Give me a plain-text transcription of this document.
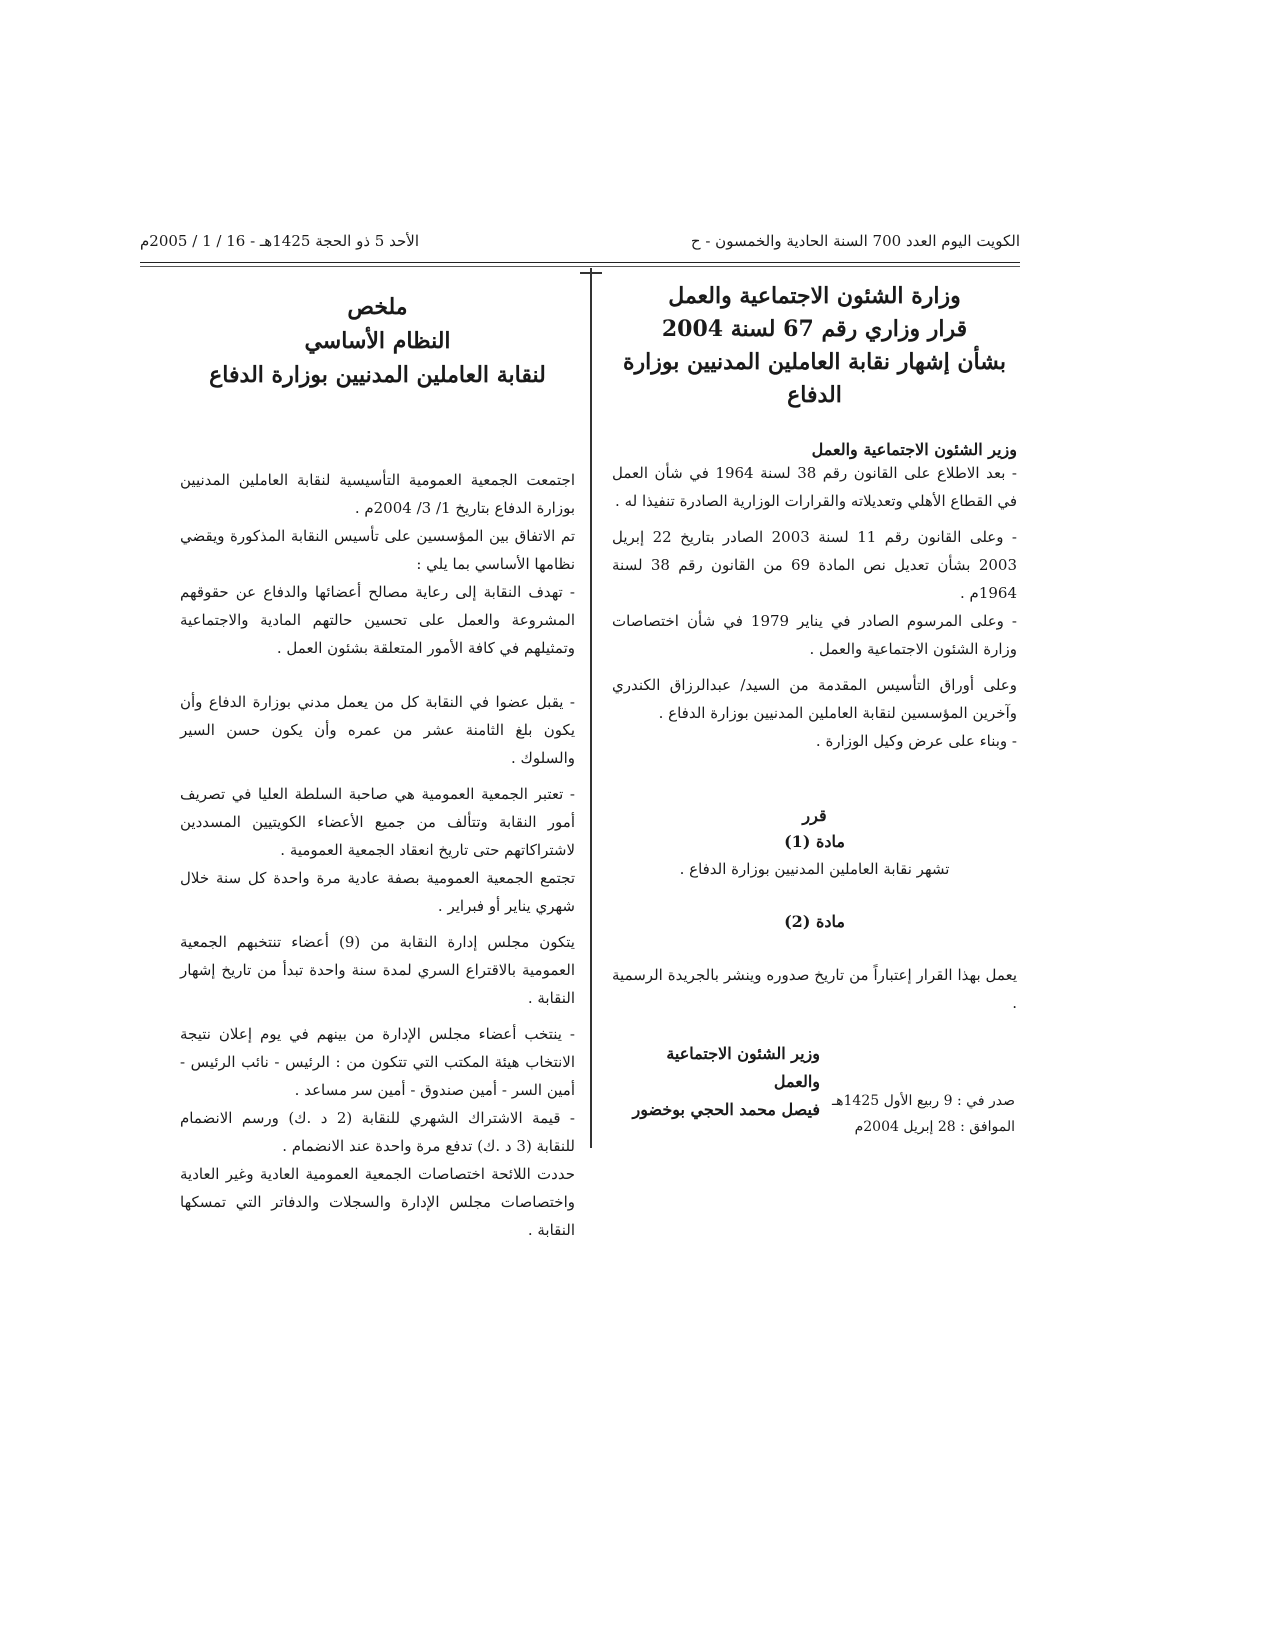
الكويت اليوم العدد 700 السنة الحادية والخمسون - ح
الأحد 5 ذو الحجة 1425هـ - 16 / 1 / 2005م
وزارة الشئون الاجتماعية والعمل
قرار وزاري رقم 67 لسنة 2004
بشأن إشهار نقابة العاملين المدنيين بوزارة الدفاع
وزير الشئون الاجتماعية والعمل

- بعد الاطلاع على القانون رقم 38 لسنة 1964 في شأن العمل في القطاع الأهلي وتعديلاته والقرارات الوزارية الصادرة تنفيذا له .

- وعلى القانون رقم 11 لسنة 2003 الصادر بتاريخ 22 إبريل 2003 بشأن تعديل نص المادة 69 من القانون رقم 38 لسنة 1964م .

- وعلى المرسوم الصادر في يناير 1979 في شأن اختصاصات وزارة الشئون الاجتماعية والعمل .

وعلى أوراق التأسيس المقدمة من السيد/ عبدالرزاق الكندري وآخرين المؤسسين لنقابة العاملين المدنيين بوزارة الدفاع .

- وبناء على عرض وكيل الوزارة .

قرر
مادة (1)

تشهر نقابة العاملين المدنيين بوزارة الدفاع .

مادة (2)

يعمل بهذا القرار إعتباراً من تاريخ صدوره وينشر بالجريدة الرسمية .

وزير الشئون الاجتماعية والعمل
فيصل محمد الحجي بوخضور صدر في : 9 ربيع الأول 1425هـ
الموافق : 28 إبريل 2004م
ملخص
النظام الأساسي
لنقابة العاملين المدنيين بوزارة الدفاع

اجتمعت الجمعية العمومية التأسيسية لنقابة العاملين المدنيين بوزارة الدفاع بتاريخ 1/ 3/ 2004م .

تم الاتفاق بين المؤسسين على تأسيس النقابة المذكورة ويقضي نظامها الأساسي بما يلي :

- تهدف النقابة إلى رعاية مصالح أعضائها والدفاع عن حقوقهم المشروعة والعمل على تحسين حالتهم المادية والاجتماعية وتمثيلهم في كافة الأمور المتعلقة بشئون العمل .

- يقبل عضوا في النقابة كل من يعمل مدني بوزارة الدفاع وأن يكون بلغ الثامنة عشر من عمره وأن يكون حسن السير والسلوك .

- تعتبر الجمعية العمومية هي صاحبة السلطة العليا في تصريف أمور النقابة وتتألف من جميع الأعضاء الكويتيين المسددين لاشتراكاتهم حتى تاريخ انعقاد الجمعية العمومية .

تجتمع الجمعية العمومية بصفة عادية مرة واحدة كل سنة خلال شهري يناير أو فبراير .

يتكون مجلس إدارة النقابة من (9) أعضاء تنتخبهم الجمعية العمومية بالاقتراع السري لمدة سنة واحدة تبدأ من تاريخ إشهار النقابة .

- ينتخب أعضاء مجلس الإدارة من بينهم في يوم إعلان نتيجة الانتخاب هيئة المكتب التي تتكون من : الرئيس - نائب الرئيس - أمين السر - أمين صندوق - أمين سر مساعد .

- قيمة الاشتراك الشهري للنقابة (2 د .ك) ورسم الانضمام للنقابة (3 د .ك) تدفع مرة واحدة عند الانضمام .

حددت اللائحة اختصاصات الجمعية العمومية العادية وغير العادية واختصاصات مجلس الإدارة والسجلات والدفاتر التي تمسكها النقابة .
